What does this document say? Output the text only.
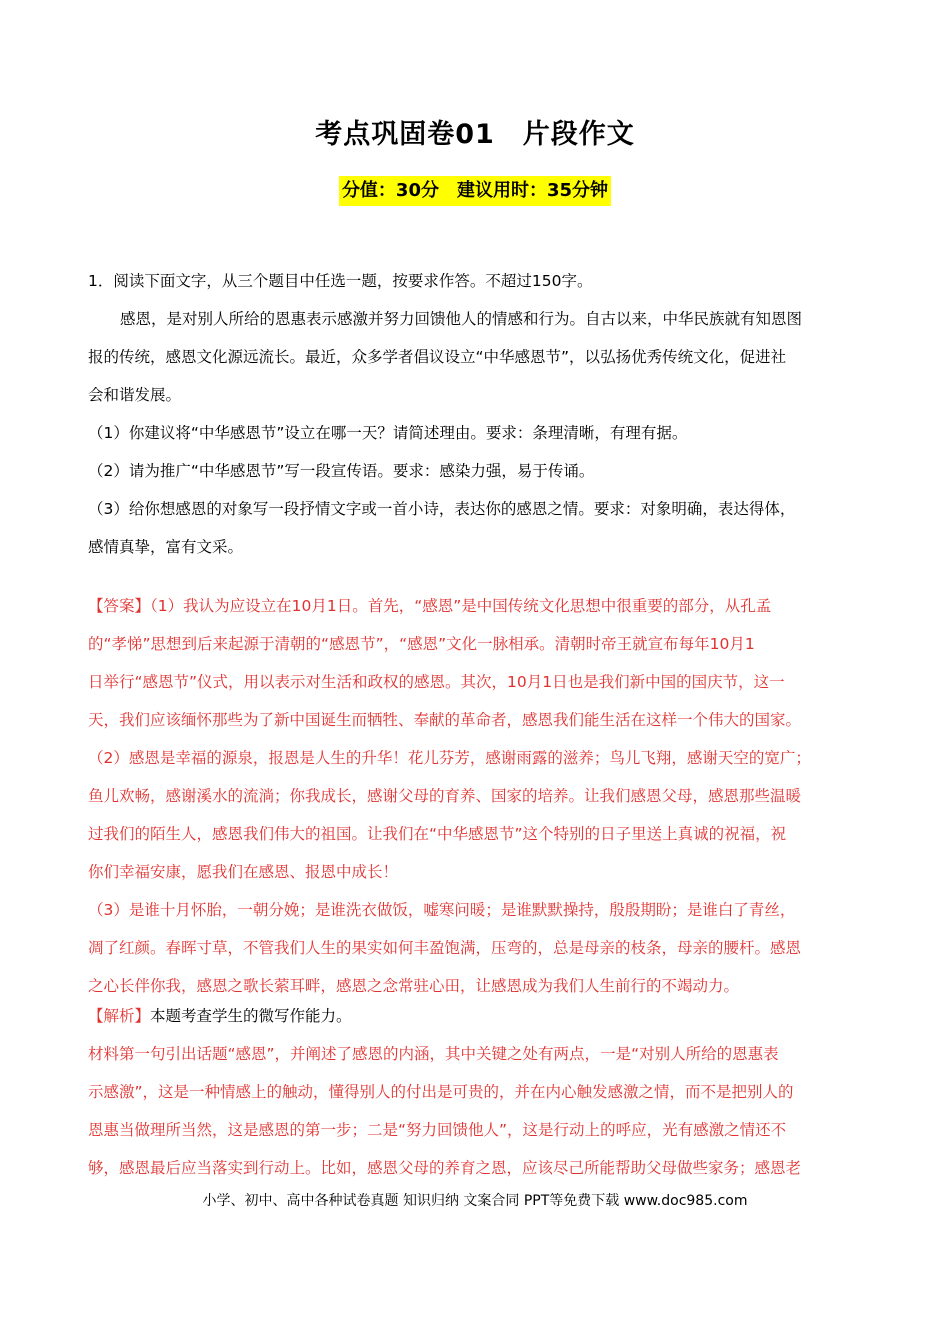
考点巩固卷01　片段作文
分值：30分　建议用时：35分钟
1．阅读下面文字，从三个题目中任选一题，按要求作答。不超过150字。
感恩，是对别人所给的恩惠表示感激并努力回馈他人的情感和行为。自古以来，中华民族就有知恩图
报的传统，感恩文化源远流长。最近，众多学者倡议设立“中华感恩节”，以弘扬优秀传统文化，促进社
会和谐发展。
（1）你建议将“中华感恩节”设立在哪一天？请简述理由。要求：条理清晰，有理有据。
（2）请为推广“中华感恩节”写一段宣传语。要求：感染力强，易于传诵。
（3）给你想感恩的对象写一段抒情文字或一首小诗，表达你的感恩之情。要求：对象明确，表达得体，
感情真挚，富有文采。
【答案】（1）我认为应设立在10月1日。首先，“感恩”是中国传统文化思想中很重要的部分，从孔孟
的“孝悌”思想到后来起源于清朝的“感恩节”，“感恩”文化一脉相承。清朝时帝王就宣布每年10月1
日举行“感恩节”仪式，用以表示对生活和政权的感恩。其次，10月1日也是我们新中国的国庆节，这一
天，我们应该缅怀那些为了新中国诞生而牺牲、奉献的革命者，感恩我们能生活在这样一个伟大的国家。
（2）感恩是幸福的源泉，报恩是人生的升华！花儿芬芳，感谢雨露的滋养；鸟儿飞翔，感谢天空的宽广；
鱼儿欢畅，感谢溪水的流淌；你我成长，感谢父母的育养、国家的培养。让我们感恩父母，感恩那些温暖
过我们的陌生人，感恩我们伟大的祖国。让我们在“中华感恩节”这个特别的日子里送上真诚的祝福，祝
你们幸福安康，愿我们在感恩、报恩中成长！
（3）是谁十月怀胎，一朝分娩；是谁洗衣做饭，嘘寒问暖；是谁默默操持，殷殷期盼；是谁白了青丝，
凋了红颜。春晖寸草，不管我们人生的果实如何丰盈饱满，压弯的，总是母亲的枝条，母亲的腰杆。感恩
之心长伴你我，感恩之歌长萦耳畔，感恩之念常驻心田，让感恩成为我们人生前行的不竭动力。
【解析】本题考查学生的微写作能力。
材料第一句引出话题“感恩”，并阐述了感恩的内涵，其中关键之处有两点，一是“对别人所给的恩惠表
示感激”，这是一种情感上的触动，懂得别人的付出是可贵的，并在内心触发感激之情，而不是把别人的
恩惠当做理所当然，这是感恩的第一步；二是“努力回馈他人”，这是行动上的呼应，光有感激之情还不
够，感恩最后应当落实到行动上。比如，感恩父母的养育之恩，应该尽己所能帮助父母做些家务；感恩老
小学、初中、高中各种试卷真题 知识归纳 文案合同 PPT等免费下载 www.doc985.com
